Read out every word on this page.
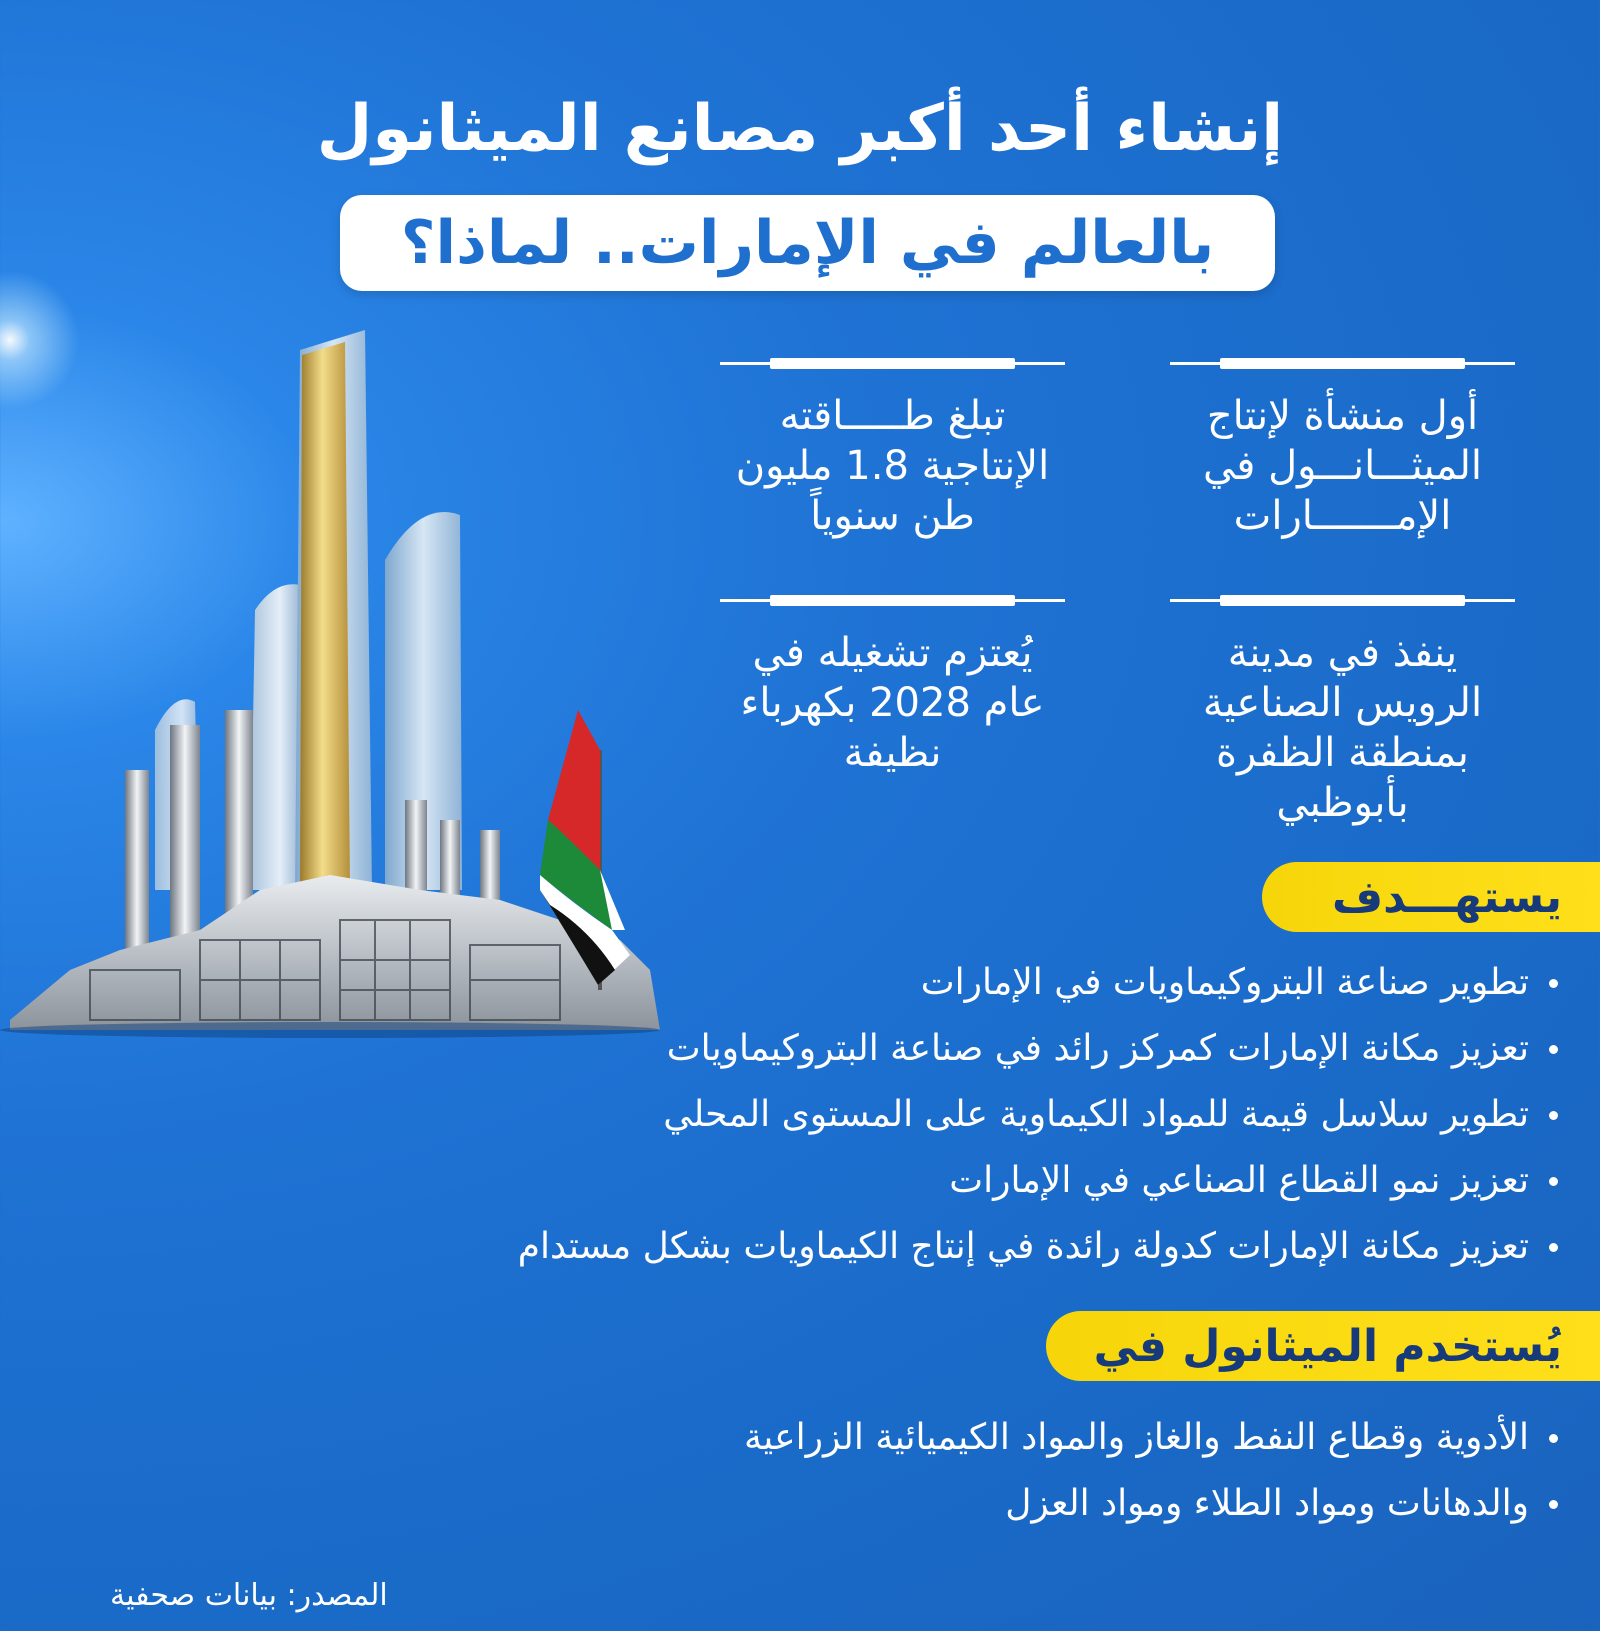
إنشاء أحد أكبر مصانع الميثانول
بالعالم في الإمارات.. لماذا؟
أول منشأة لإنتاج الميثـــانـــول في الإمـــــــارات
تبلغ طـــــاقته الإنتاجية 1.8 مليون طن سنوياً
ينفذ في مدينة الرويس الصناعية بمنطقة الظفرة بأبوظبي
يُعتزم تشغيله في عام 2028 بكهرباء نظيفة
يستهـــدف
تطوير صناعة البتروكيماويات في الإمارات
تعزيز مكانة الإمارات كمركز رائد في صناعة البتروكيماويات
تطوير سلاسل قيمة للمواد الكيماوية على المستوى المحلي
تعزيز نمو القطاع الصناعي في الإمارات
تعزيز مكانة الإمارات كدولة رائدة في إنتاج الكيماويات بشكل مستدام
يُستخدم الميثانول في
الأدوية وقطاع النفط والغاز والمواد الكيميائية الزراعية
والدهانات ومواد الطلاء ومواد العزل
المصدر: بيانات صحفية
